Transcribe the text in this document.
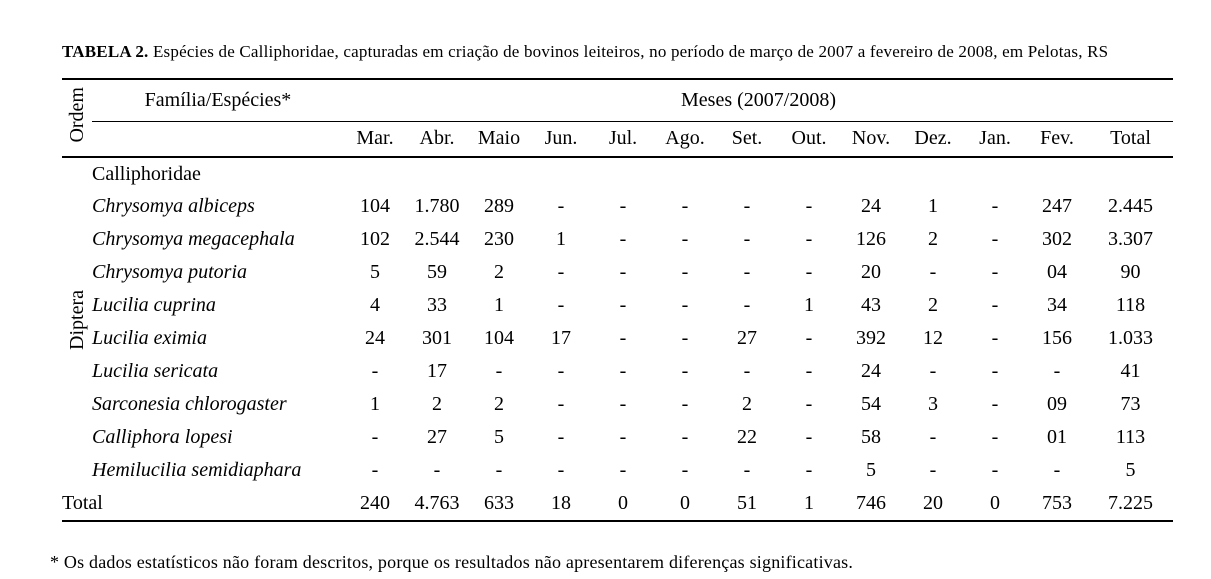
TABELA 2. Espécies de Calliphoridae, capturadas em criação de bovinos leiteiros, no período de março de 2007 a fevereiro de 2008, em Pelotas, RS

Ordem	Família/Espécies*	Meses (2007/2008)												
		Mar.	Abr.	Maio	Jun.	Jul.	Ago.	Set.	Out.	Nov.	Dez.	Jan.	Fev.	Total
Diptera	Calliphoridae													
	Chrysomya albiceps	104	1.780	289	-	-	-	-	-	24	1	-	247	2.445
	Chrysomya megacephala	102	2.544	230	1	-	-	-	-	126	2	-	302	3.307
	Chrysomya putoria	5	59	2	-	-	-	-	-	20	-	-	04	90
	Lucilia cuprina	4	33	1	-	-	-	-	1	43	2	-	34	118
	Lucilia eximia	24	301	104	17	-	-	27	-	392	12	-	156	1.033
	Lucilia sericata	-	17	-	-	-	-	-	-	24	-	-	-	41
	Sarconesia chlorogaster	1	2	2	-	-	-	2	-	54	3	-	09	73
	Calliphora lopesi	-	27	5	-	-	-	22	-	58	-	-	01	113
	Hemilucilia semidiaphara	-	-	-	-	-	-	-	-	5	-	-	-	5
Total		240	4.763	633	18	0	0	51	1	746	20	0	753	7.225

* Os dados estatísticos não foram descritos, porque os resultados não apresentarem diferenças significativas.
